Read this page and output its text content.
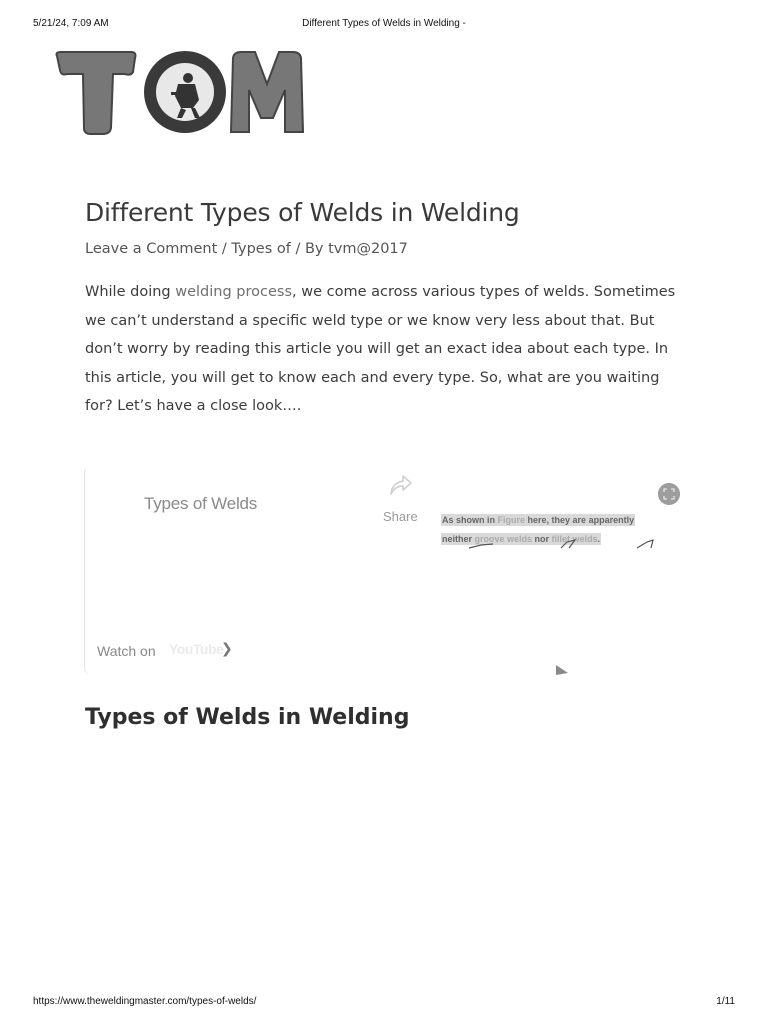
5/21/24, 7:09 AM	Different Types of Welds in Welding -
Different Types of Welds in Welding
Leave a Comment / Types of / By tvm@2017

While doing welding process, we come across various types of welds. Sometimes we can’t understand a specific weld type or we know very less about that. But don’t worry by reading this article you will get an exact idea about each type. In this article, you will get to know each and every type. So, what are you waiting for? Let’s have a close look….

Types of Welds
Share
Watch on YouTube
❯
As shown in Figure here, they are apparently
neither groove welds nor fillet welds.
Types of Welds in Welding
https://www.theweldingmaster.com/types-of-welds/	1/11
